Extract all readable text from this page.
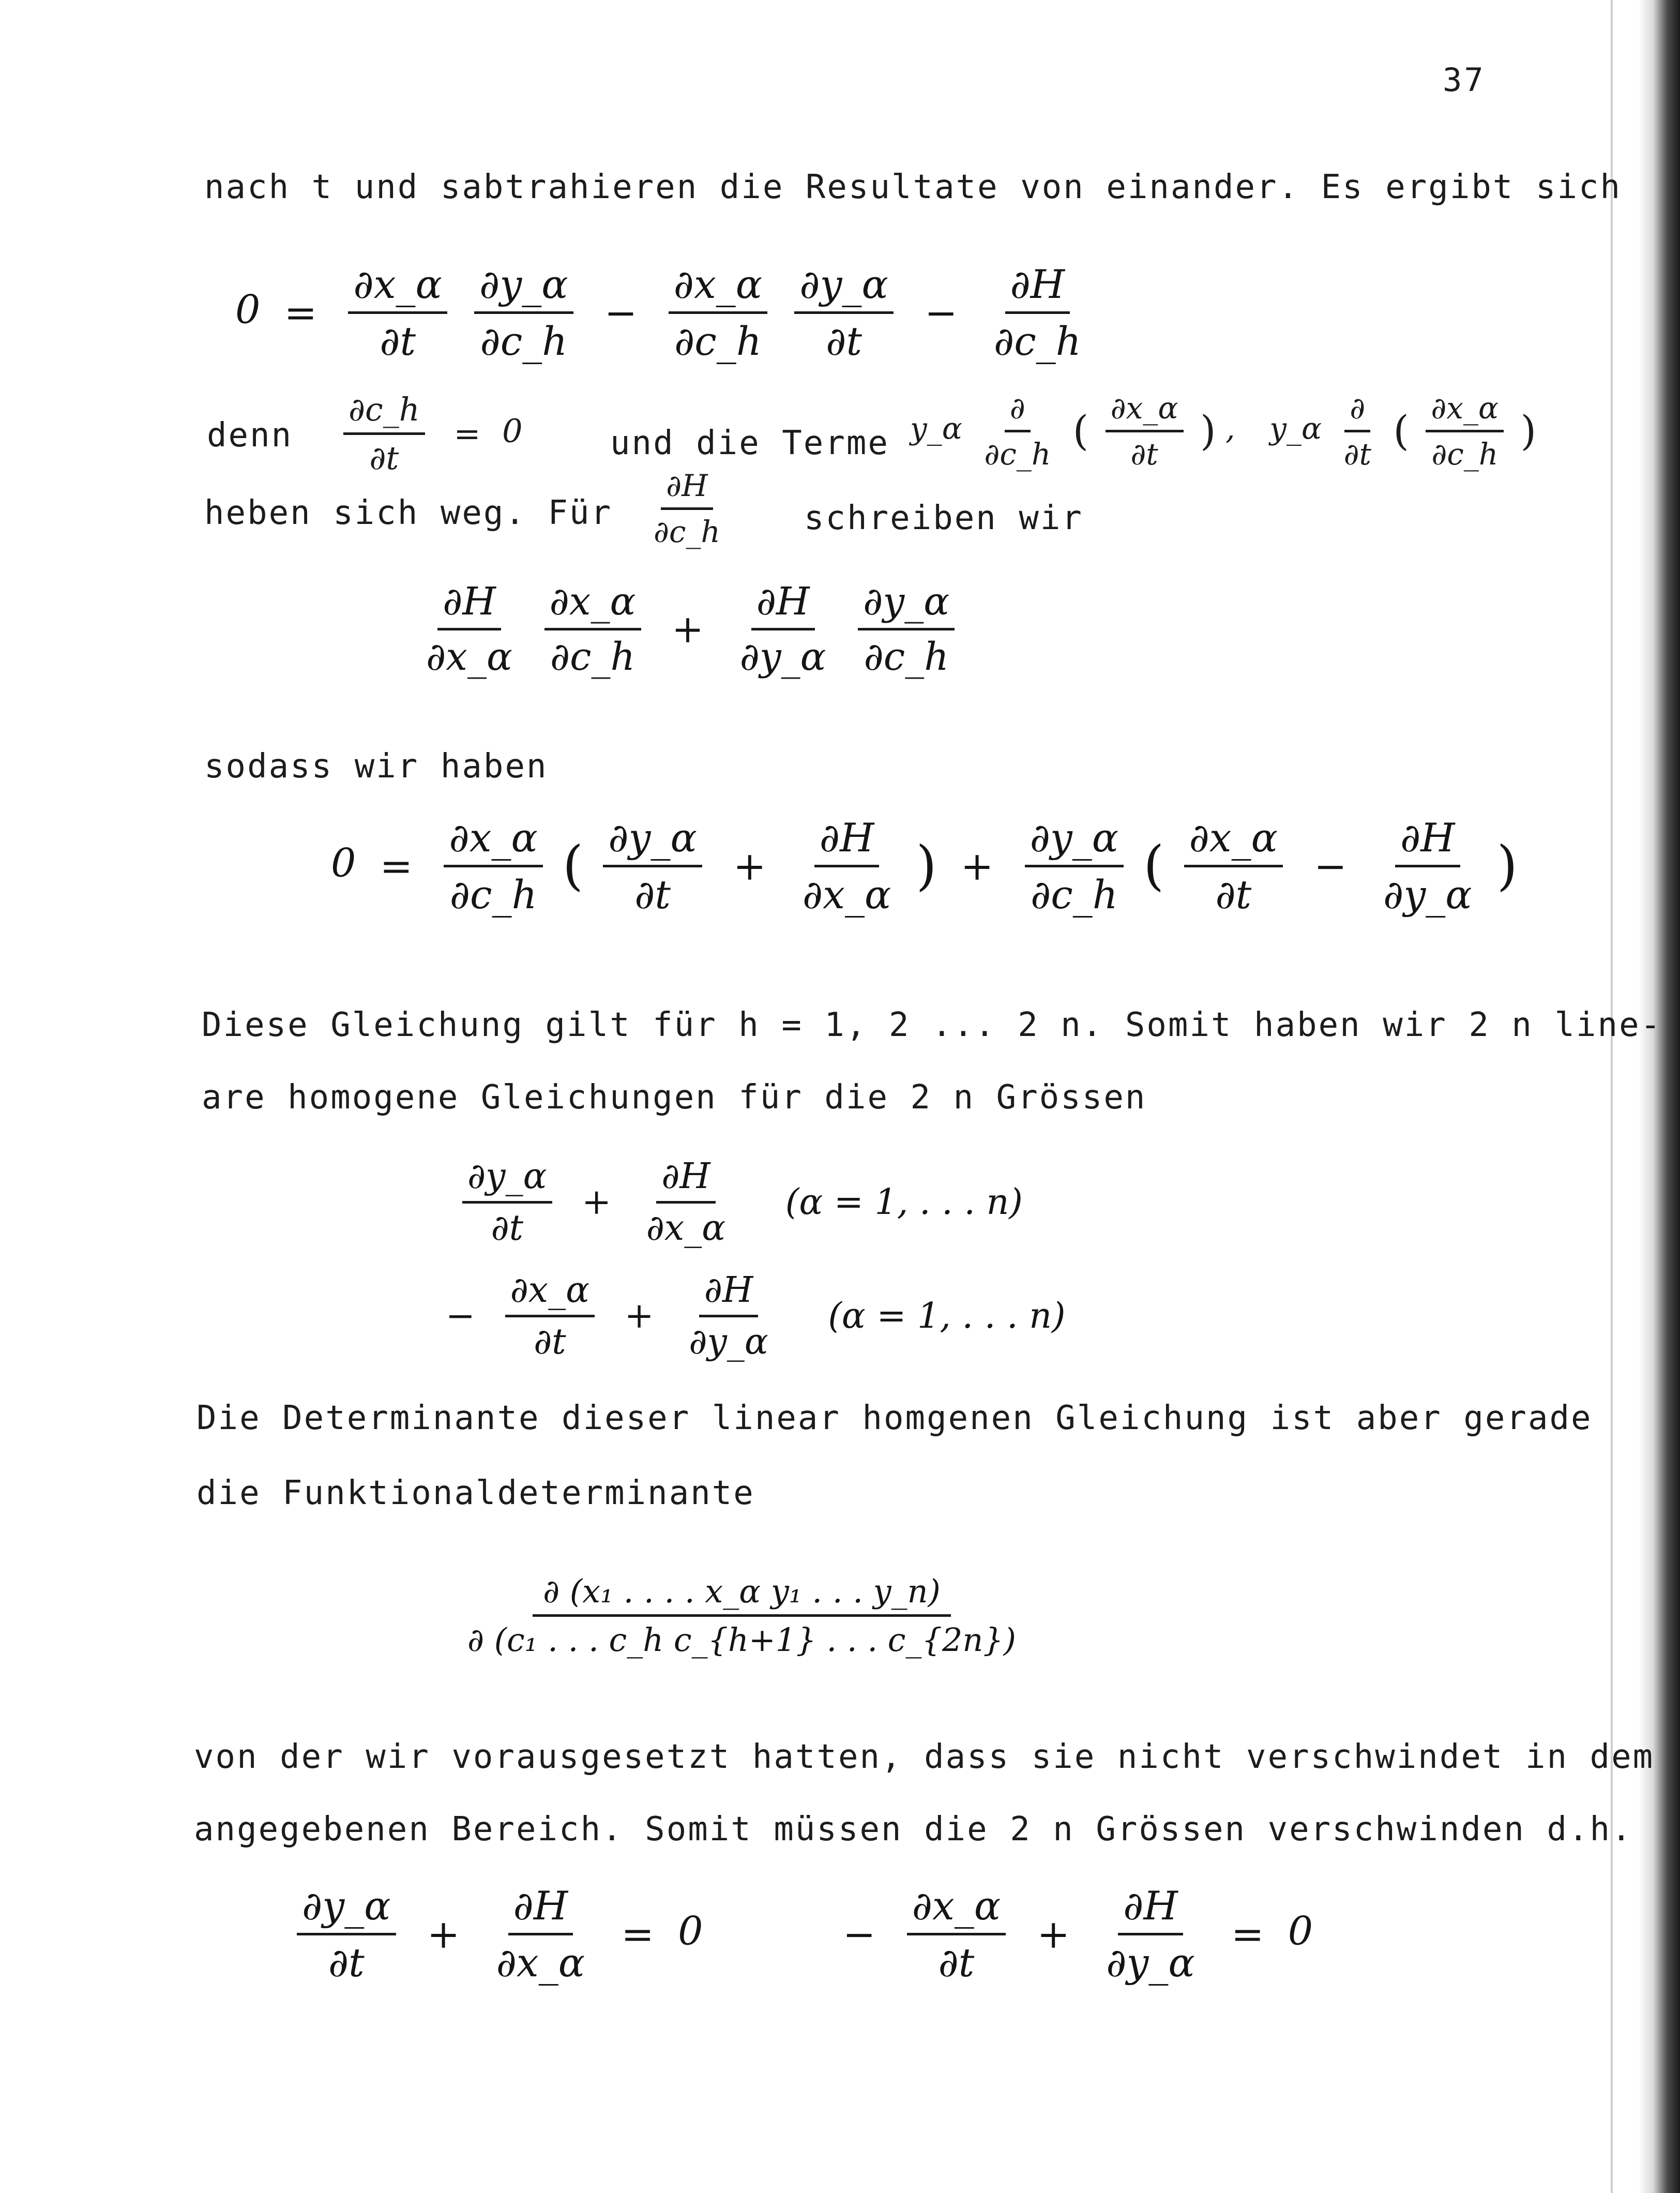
37
nach t und sabtrahieren die Resultate von einander. Es ergibt sich
$0 = \frac{\partial x\_\alpha}{\partial t}$
$\frac{\partial y\_\alpha}{\partial c\_h} - \frac{\partial x\_\alpha}{\partial c\_h}$
$\frac{\partial y\_\alpha}{\partial t} - \frac{\partial H}{\partial c\_h}$
denn $\frac{\partial c\_h}{\partial t} = 0$	und die Terme y_α $\frac{\partial}{\partial c\_h}$ ( $\frac{\partial x\_\alpha}{\partial t}$ ) , y_α $\frac{\partial}{\partial t}$ ( $\frac{\partial x\_\alpha}{\partial c\_h}$ )
heben sich weg. Für $\frac{\partial H}{\partial c\_h}$ schreiben wir
$\frac{\partial H}{\partial x\_\alpha}$
$\frac{\partial x\_\alpha}{\partial c\_h} + \frac{\partial H}{\partial y\_\alpha}$
$\frac{\partial y\_\alpha}{\partial c\_h}$
sodass wir haben
$0 = \frac{\partial x\_\alpha}{\partial c\_h}$ ( $\frac{\partial y\_\alpha}{\partial t} + \frac{\partial H}{\partial x\_\alpha}$ ) + $\frac{\partial y\_\alpha}{\partial c\_h}$ ( $\frac{\partial x\_\alpha}{\partial t} - \frac{\partial H}{\partial y\_\alpha}$ )
Diese Gleichung gilt für h = 1, 2 ... 2 n. Somit haben wir 2 n line-
are homogene Gleichungen für die 2 n Grössen
$\frac{\partial y\_\alpha}{\partial t} + \frac{\partial H}{\partial x\_\alpha} (\alpha = 1$, . . . n)
− $\frac{\partial x\_\alpha}{\partial t} + \frac{\partial H}{\partial y\_\alpha} (\alpha = 1$, . . . n)
Die Determinante dieser linear homgenen Gleichung ist aber gerade
die Funktionaldeterminante
$\frac{\text{∂ (x₁ . . . . x\_α y₁ . . . y\_n)}}{\text{∂ (c₁ . . . c\_h c\_\{h+1\} . . . c\_\{2n\})}}$
von der wir vorausgesetzt hatten, dass sie nicht verschwindet in dem
angegebenen Bereich. Somit müssen die 2 n Grössen verschwinden d.h.
$\frac{\partial y\_\alpha}{\partial t} + \frac{\partial H}{\partial x\_\alpha} = 0$	− $\frac{\partial x\_\alpha}{\partial t} + \frac{\partial H}{\partial y\_\alpha} = 0$
